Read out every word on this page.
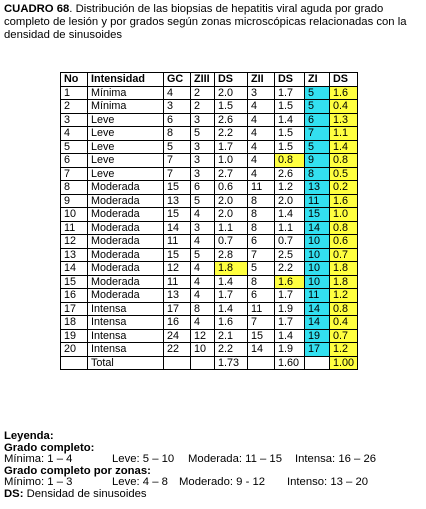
CUADRO 68. Distribución de las biopsias de hepatitis viral aguda por grado completo de lesión y por grados según zonas microscópicas relacionadas con la densidad de sinusoides
No	Intensidad	GC	ZIII	DS	ZII	DS	ZI	DS
1	Mínima	4	2	2.0	3	1.7	5	1.6
2	Mínima	3	2	1.5	4	1.5	5	0.4
3	Leve	6	3	2.6	4	1.4	6	1.3
4	Leve	8	5	2.2	4	1.5	7	1.1
5	Leve	5	3	1.7	4	1.5	5	1.4
6	Leve	7	3	1.0	4	0.8	9	0.8
7	Leve	7	3	2.7	4	2.6	8	0.5
8	Moderada	15	6	0.6	11	1.2	13	0.2
9	Moderada	13	5	2.0	8	2.0	11	1.6
10	Moderada	15	4	2.0	8	1.4	15	1.0
11	Moderada	14	3	1.1	8	1.1	14	0.8
12	Moderada	11	4	0.7	6	0.7	10	0.6
13	Moderada	15	5	2.8	7	2.5	10	0.7
14	Moderada	12	4	1.8	5	2.2	10	1.8
15	Moderada	11	4	1.4	8	1.6	10	1.8
16	Moderada	13	4	1.7	6	1.7	11	1.2
17	Intensa	17	8	1.4	11	1.9	14	0.8
18	Intensa	16	4	1.6	7	1.7	14	0.4
19	Intensa	24	12	2.1	15	1.4	19	0.7
20	Intensa	22	10	2.2	14	1.9	17	1.2
	Total			1.73		1.60		1.00
Leyenda:
Grado completo:
Mínima: 1 – 4	Leve: 5 – 10 Moderada: 11 – 15 Intensa: 16 – 26
Grado completo por zonas:
Mínimo: 1 – 3	Leve: 4 – 8 Moderado: 9 - 12 Intenso: 13 – 20
DS: Densidad de sinusoides
